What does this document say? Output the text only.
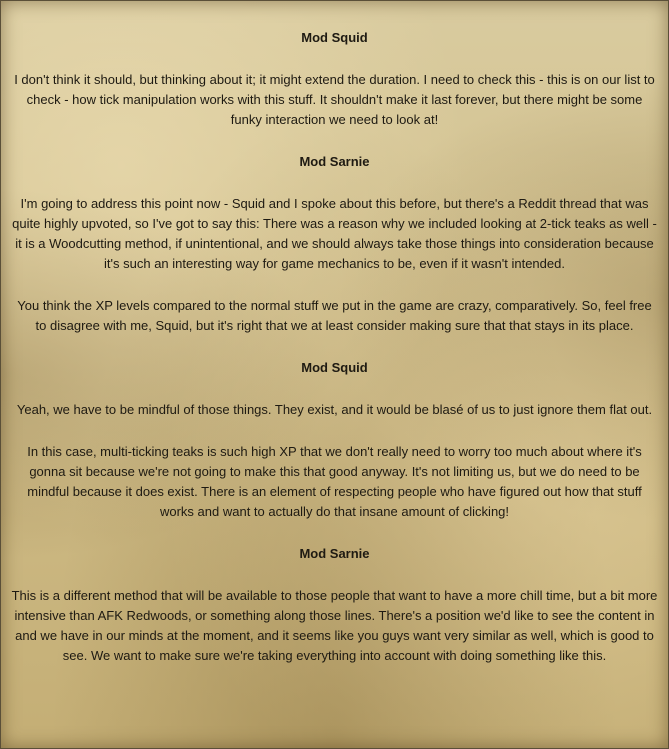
Mod Squid
I don't think it should, but thinking about it; it might extend the duration. I need to check this - this is on our list to check - how tick manipulation works with this stuff. It shouldn't make it last forever, but there might be some funky interaction we need to look at!
Mod Sarnie
I'm going to address this point now - Squid and I spoke about this before, but there's a Reddit thread that was quite highly upvoted, so I've got to say this: There was a reason why we included looking at 2-tick teaks as well - it is a Woodcutting method, if unintentional, and we should always take those things into consideration because it's such an interesting way for game mechanics to be, even if it wasn't intended.
You think the XP levels compared to the normal stuff we put in the game are crazy, comparatively. So, feel free to disagree with me, Squid, but it's right that we at least consider making sure that that stays in its place.
Mod Squid
Yeah, we have to be mindful of those things. They exist, and it would be blasé of us to just ignore them flat out.
In this case, multi-ticking teaks is such high XP that we don't really need to worry too much about where it's gonna sit because we're not going to make this that good anyway. It's not limiting us, but we do need to be mindful because it does exist. There is an element of respecting people who have figured out how that stuff works and want to actually do that insane amount of clicking!
Mod Sarnie
This is a different method that will be available to those people that want to have a more chill time, but a bit more intensive than AFK Redwoods, or something along those lines. There's a position we'd like to see the content in and we have in our minds at the moment, and it seems like you guys want very similar as well, which is good to see. We want to make sure we're taking everything into account with doing something like this.
